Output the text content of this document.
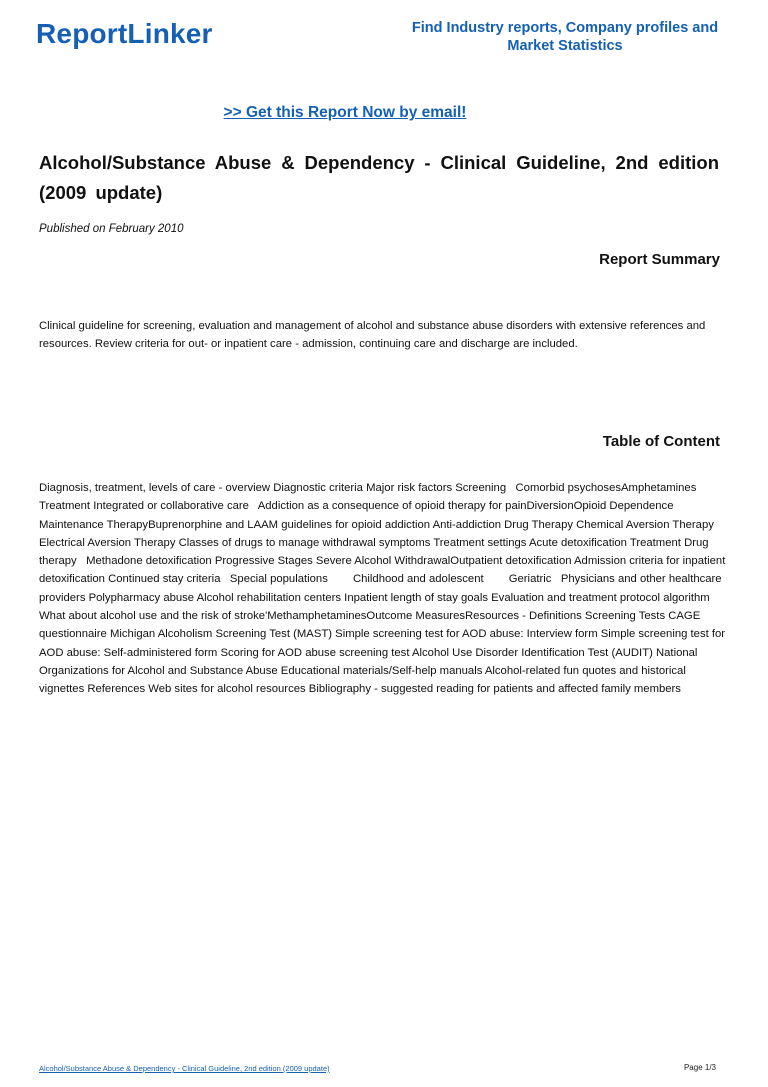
ReportLinker	Find Industry reports, Company profiles and Market Statistics
>> Get this Report Now by email!
Alcohol/Substance Abuse & Dependency - Clinical Guideline, 2nd edition (2009 update)
Published on February 2010
Report Summary
Clinical guideline for screening, evaluation and management of alcohol and substance abuse disorders with extensive references and resources. Review criteria for out- or inpatient care - admission, continuing care and discharge are included.
Table of Content
Diagnosis, treatment, levels of care - overview Diagnostic criteria Major risk factors Screening   Comorbid psychosesAmphetamines Treatment Integrated or collaborative care   Addiction as a consequence of opioid therapy for painDiversionOpioid Dependence Maintenance TherapyBuprenorphine and LAAM guidelines for opioid addiction Anti-addiction Drug Therapy Chemical Aversion Therapy Electrical Aversion Therapy Classes of drugs to manage withdrawal symptoms Treatment settings Acute detoxification Treatment Drug therapy   Methadone detoxification Progressive Stages Severe Alcohol WithdrawalOutpatient detoxification Admission criteria for inpatient detoxification Continued stay criteria   Special populations        Childhood and adolescent        Geriatric   Physicians and other healthcare providers Polypharmacy abuse Alcohol rehabilitation centers Inpatient length of stay goals Evaluation and treatment protocol algorithm   What about alcohol use and the risk of stroke'MethamphetaminesOutcome MeasuresResources - Definitions Screening Tests CAGE questionnaire Michigan Alcoholism Screening Test (MAST) Simple screening test for AOD abuse: Interview form Simple screening test for AOD abuse: Self-administered form Scoring for AOD abuse screening test Alcohol Use Disorder Identification Test (AUDIT) National Organizations for Alcohol and Substance Abuse Educational materials/Self-help manuals Alcohol-related fun quotes and historical vignettes References Web sites for alcohol resources Bibliography - suggested reading for patients and affected family members
Alcohol/Substance Abuse & Dependency - Clinical Guideline, 2nd edition (2009 update)	Page 1/3
